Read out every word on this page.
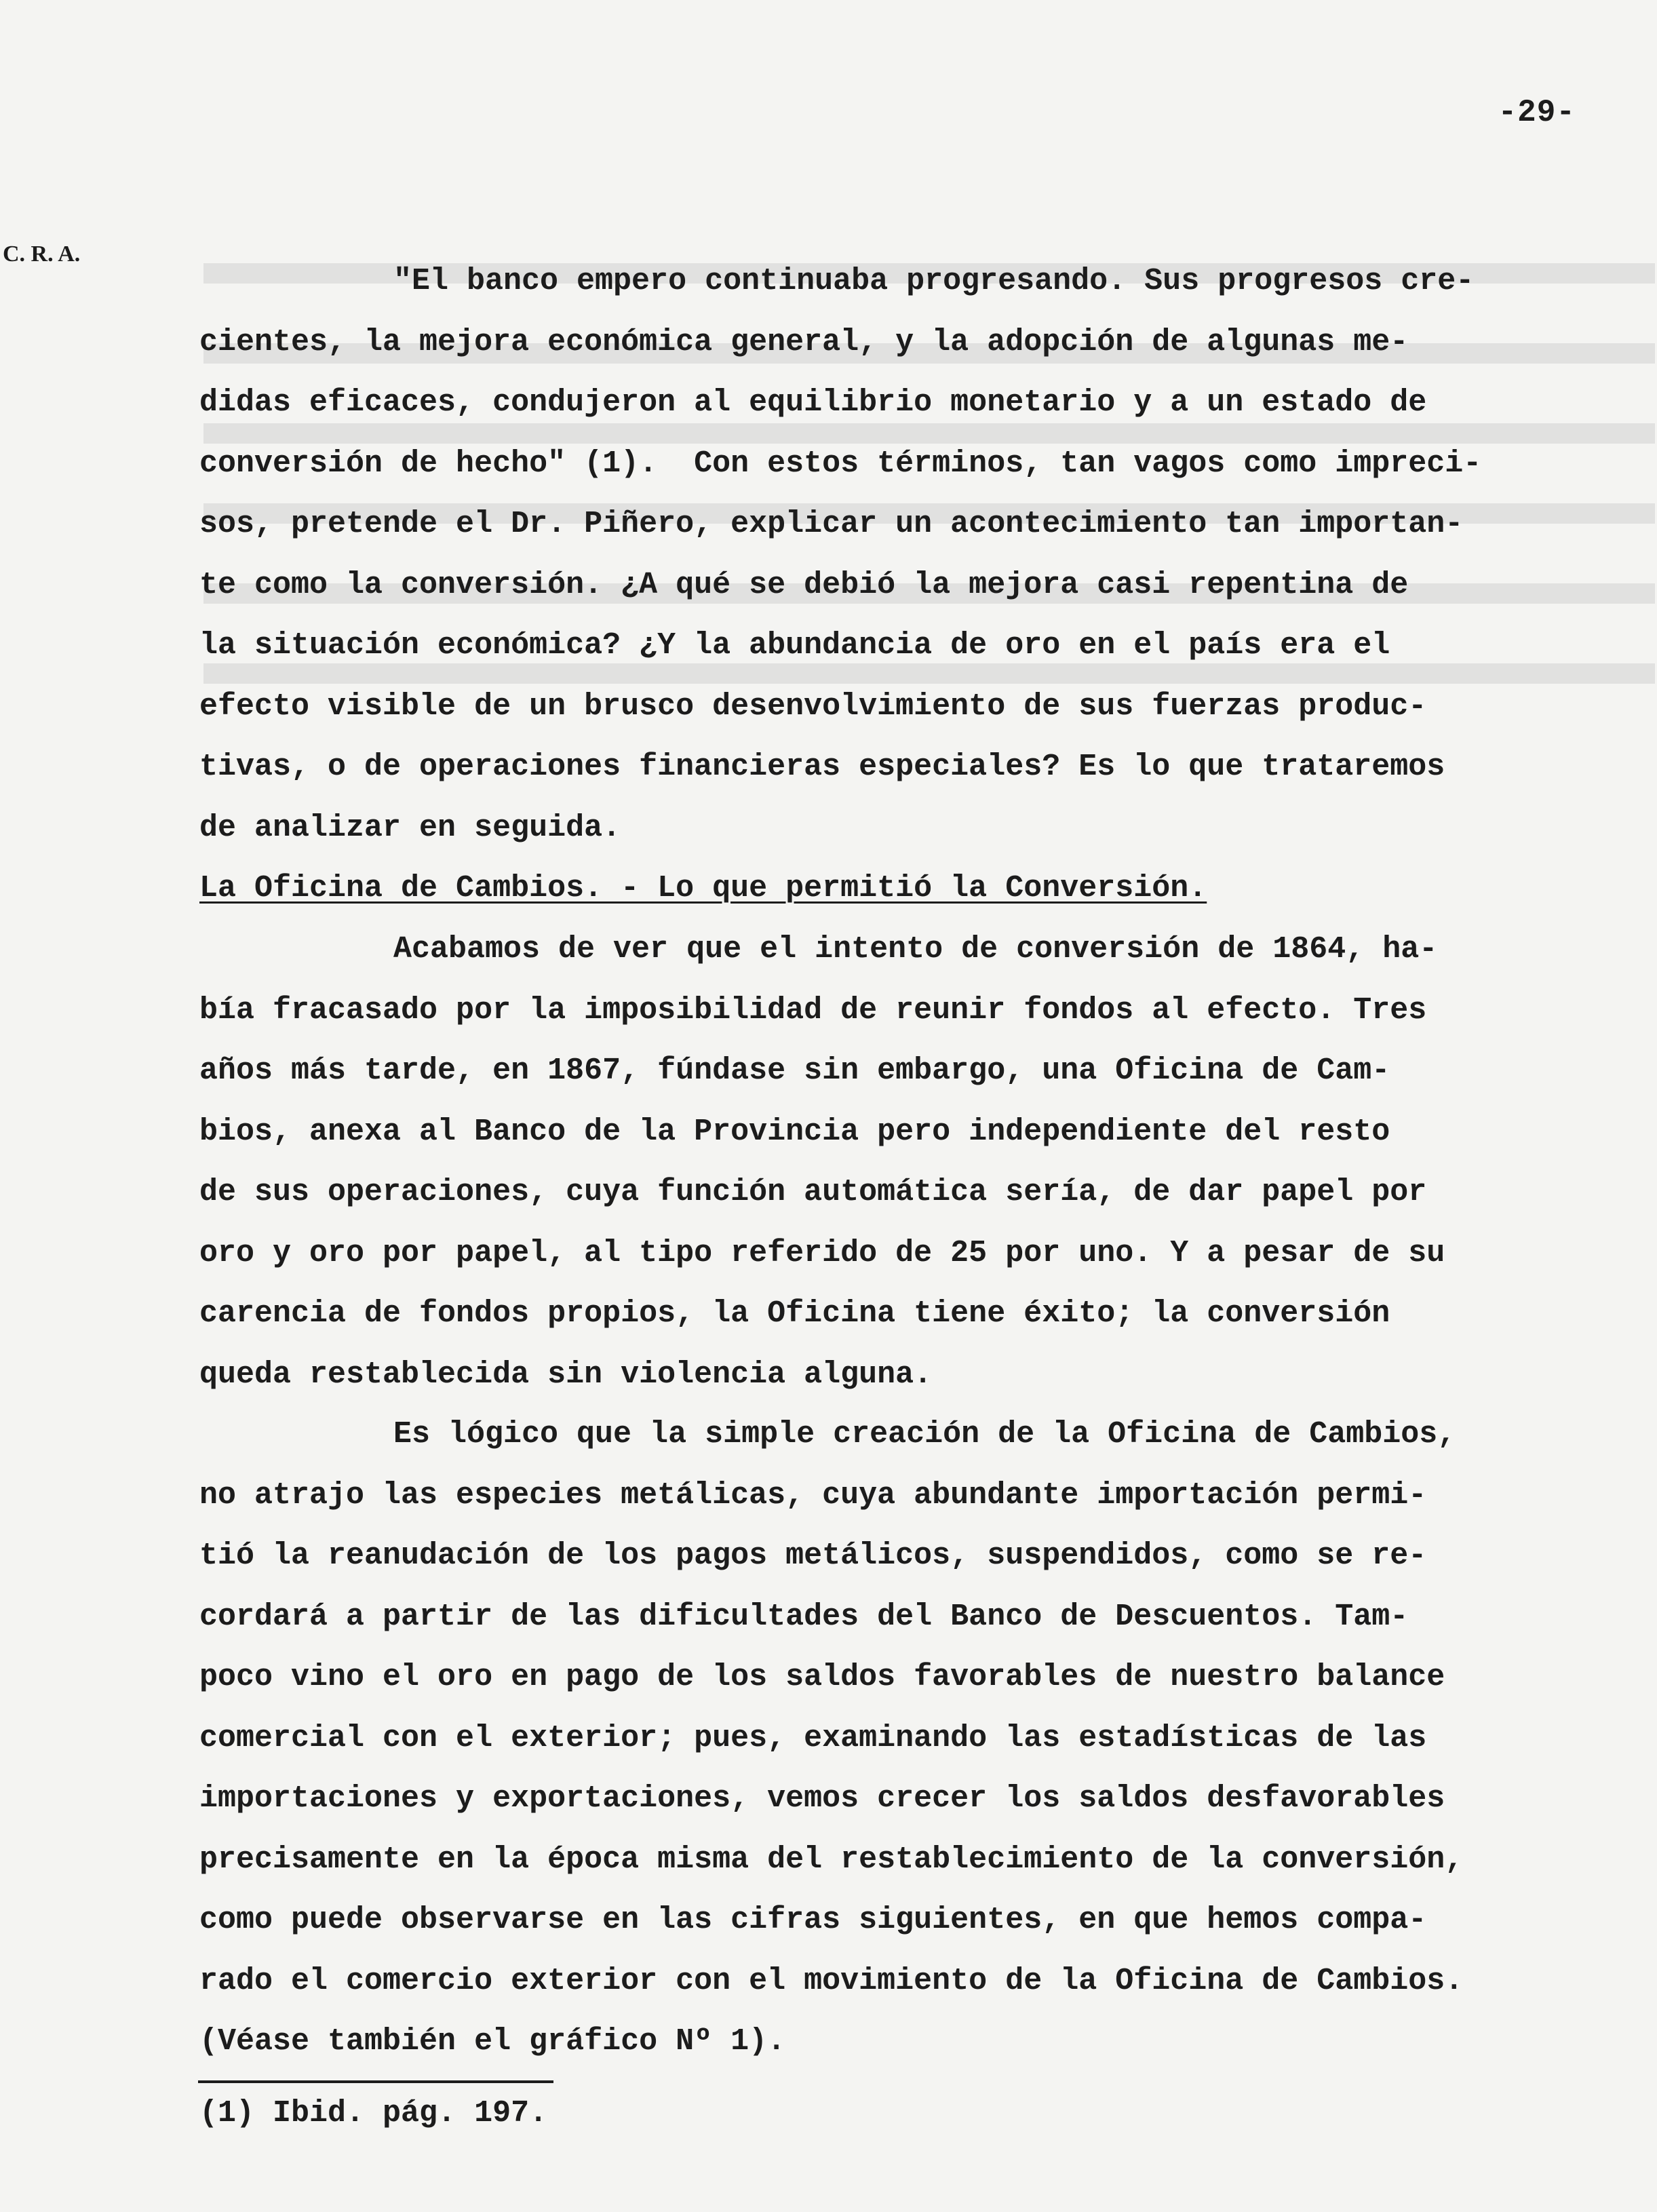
-29-
C. R. A.
"El banco empero continuaba progresando. Sus progresos cre-
cientes, la mejora económica general, y la adopción de algunas me-
didas eficaces, condujeron al equilibrio monetario y a un estado de
conversión de hecho" (1).  Con estos términos, tan vagos como impreci-
sos, pretende el Dr. Piñero, explicar un acontecimiento tan importan-
te como la conversión. ¿A qué se debió la mejora casi repentina de
la situación económica? ¿Y la abundancia de oro en el país era el
efecto visible de un brusco desenvolvimiento de sus fuerzas produc-
tivas, o de operaciones financieras especiales? Es lo que trataremos
de analizar en seguida.
La Oficina de Cambios. - Lo que permitió la Conversión.
Acabamos de ver que el intento de conversión de 1864, ha-
bía fracasado por la imposibilidad de reunir fondos al efecto. Tres
años más tarde, en 1867, fúndase sin embargo, una Oficina de Cam-
bios, anexa al Banco de la Provincia pero independiente del resto
de sus operaciones, cuya función automática sería, de dar papel por
oro y oro por papel, al tipo referido de 25 por uno. Y a pesar de su
carencia de fondos propios, la Oficina tiene éxito; la conversión
queda restablecida sin violencia alguna.
Es lógico que la simple creación de la Oficina de Cambios,
no atrajo las especies metálicas, cuya abundante importación permi-
tió la reanudación de los pagos metálicos, suspendidos, como se re-
cordará a partir de las dificultades del Banco de Descuentos. Tam-
poco vino el oro en pago de los saldos favorables de nuestro balance
comercial con el exterior; pues, examinando las estadísticas de las
importaciones y exportaciones, vemos crecer los saldos desfavorables
precisamente en la época misma del restablecimiento de la conversión,
como puede observarse en las cifras siguientes, en que hemos compa-
rado el comercio exterior con el movimiento de la Oficina de Cambios.
(Véase también el gráfico Nº 1).
(1) Ibid. pág. 197.
